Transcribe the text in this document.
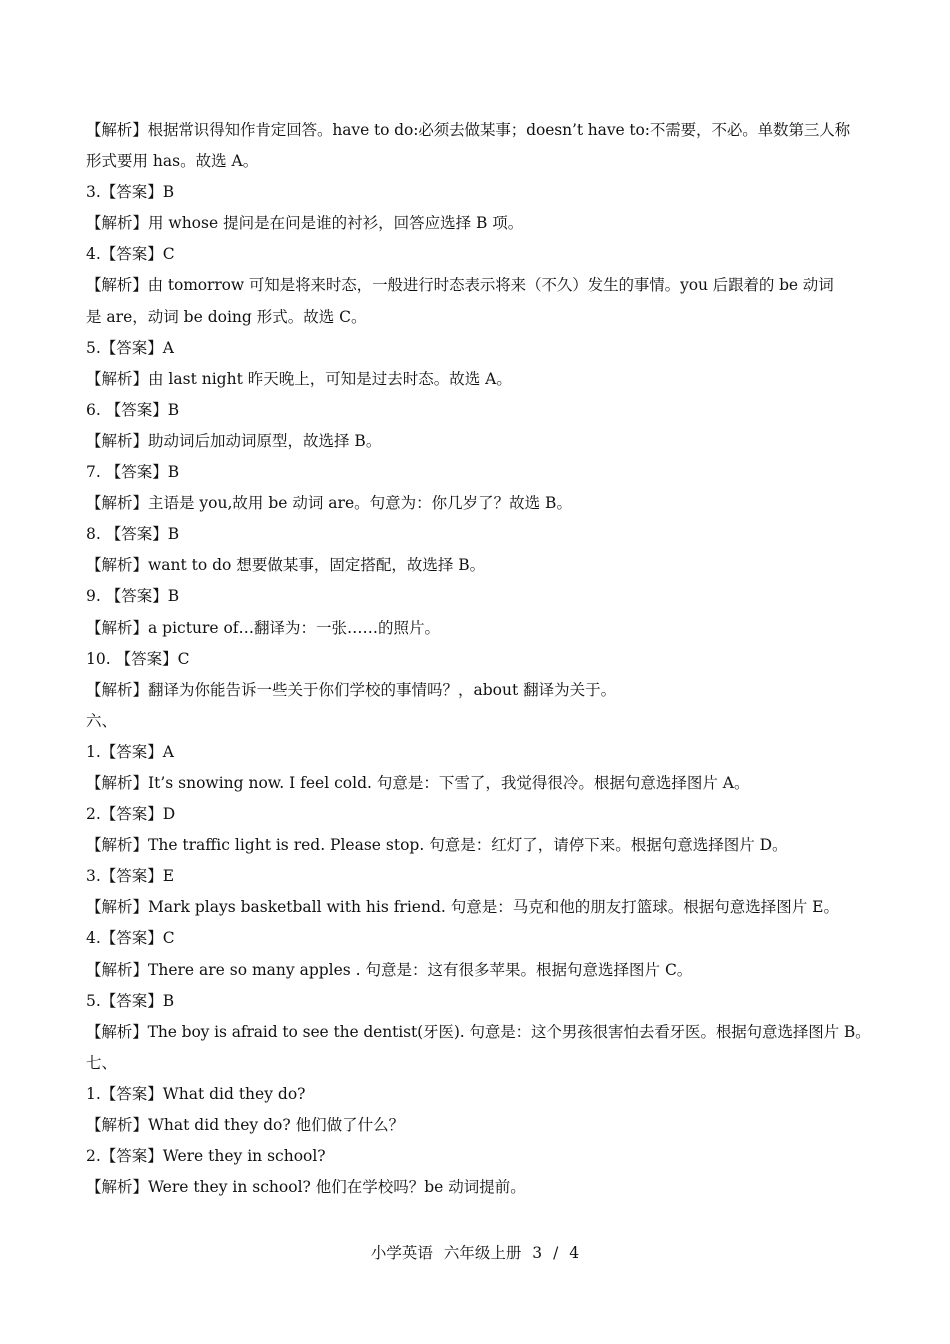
【解析】根据常识得知作肯定回答。have to do:必须去做某事；doesn’t have to:不需要，不必。单数第三人称
形式要用 has。故选 A。
3.【答案】B
【解析】用 whose 提问是在问是谁的衬衫，回答应选择 B 项。
4.【答案】C
【解析】由 tomorrow 可知是将来时态，一般进行时态表示将来（不久）发生的事情。you 后跟着的 be 动词
是 are，动词 be doing 形式。故选 C。
5.【答案】A
【解析】由 last night 昨天晚上，可知是过去时态。故选 A。
6. 【答案】B
【解析】助动词后加动词原型，故选择 B。
7. 【答案】B
【解析】主语是 you,故用 be 动词 are。句意为：你几岁了？故选 B。
8. 【答案】B
【解析】want to do 想要做某事，固定搭配，故选择 B。
9. 【答案】B
【解析】a picture of…翻译为：一张……的照片。
10. 【答案】C
【解析】翻译为你能告诉一些关于你们学校的事情吗？，about 翻译为关于。
六、
1.【答案】A
【解析】It’s snowing now. I feel cold. 句意是：下雪了，我觉得很冷。根据句意选择图片 A。
2.【答案】D
【解析】The traffic light is red. Please stop. 句意是：红灯了，请停下来。根据句意选择图片 D。
3.【答案】E
【解析】Mark plays basketball with his friend. 句意是：马克和他的朋友打篮球。根据句意选择图片 E。
4.【答案】C
【解析】There are so many apples . 句意是：这有很多苹果。根据句意选择图片 C。
5.【答案】B
【解析】The boy is afraid to see the dentist(牙医). 句意是：这个男孩很害怕去看牙医。根据句意选择图片 B。
七、
1.【答案】What did they do?
【解析】What did they do? 他们做了什么？
2.【答案】Were they in school?
【解析】Were they in school? 他们在学校吗？be 动词提前。
小学英语 六年级上册 3 / 4
